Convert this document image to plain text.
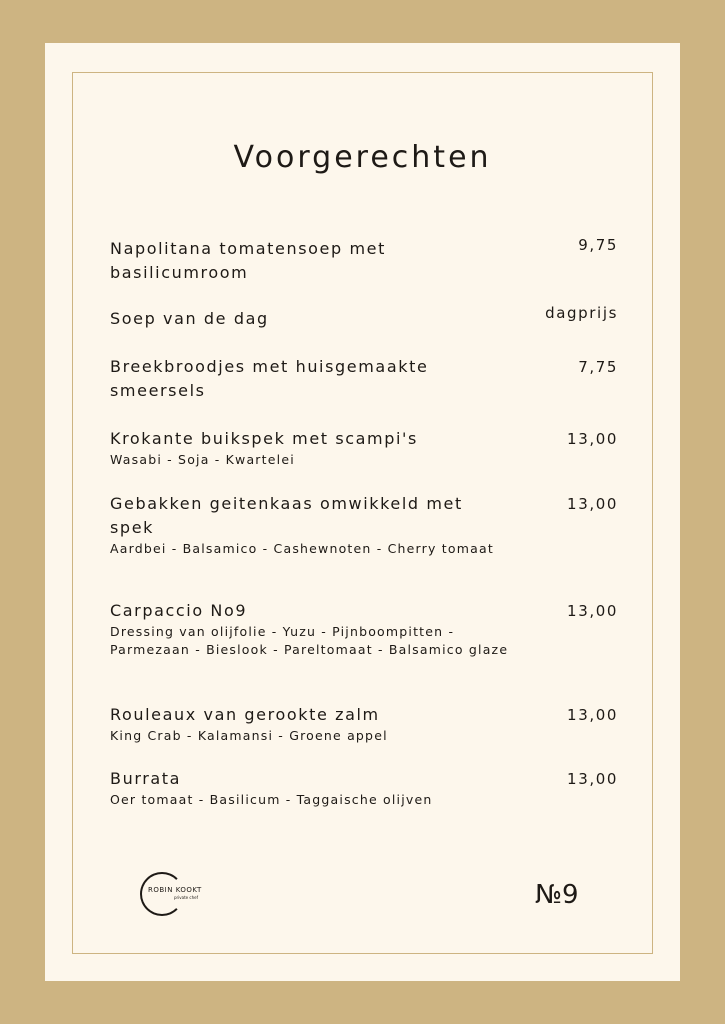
Voorgerechten
Napolitana tomatensoep met basilicumroom
9,75
Soep van de dag	dagprijs
Breekbroodjes met huisgemaakte smeersels
7,75
Krokante buikspek met scampi's
Wasabi - Soja - Kwartelei
13,00
Gebakken geitenkaas omwikkeld met spek
Aardbei - Balsamico - Cashewnoten - Cherry tomaat
13,00
Carpaccio No9
Dressing van olijfolie - Yuzu - Pijnboompitten - Parmezaan - Bieslook - Pareltomaat - Balsamico glaze
13,00
Rouleaux van gerookte zalm
King Crab - Kalamansi - Groene appel
13,00
Burrata
Oer tomaat - Basilicum - Taggaische olijven
13,00
ROBIN KOOKT
private chef	№9
